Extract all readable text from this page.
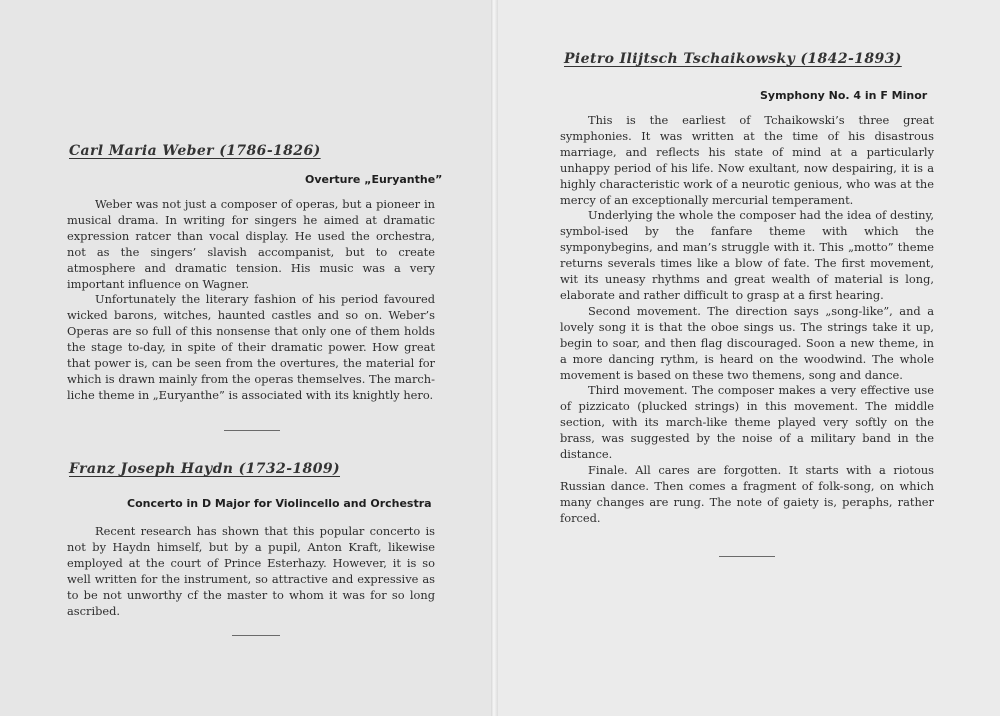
Carl Maria Weber (1786-1826)
Overture „Euryanthe”

Weber was not just a composer of operas, but a pioneer in musical drama. In writing for singers he aimed at dramatic expression ratcer than vocal display. He used the orchestra, not as the singers’ slavish accompanist, but to create atmosphere and dramatic tension. His music was a very important influence on Wagner.

Unfortunately the literary fashion of his period favoured wicked barons, witches, haunted castles and so on. Weber’s Operas are so full of this nonsense that only one of them holds the stage to-day, in spite of their dramatic power. How great that power is, can be seen from the overtures, the material for which is drawn mainly from the operas themselves. The march-liche theme in „Euryanthe” is associated with its knightly hero.

Franz Joseph Haydn (1732-1809)
Concerto in D Major for Violincello and Orchestra

Recent research has shown that this popular concerto is not by Haydn himself, but by a pupil, Anton Kraft, likewise employed at the court of Prince Esterhazy. However, it is so well written for the instrument, so attractive and expressive as to be not unworthy cf the master to whom it was for so long ascribed.

Pietro Ilijtsch Tschaikowsky (1842-1893)
Symphony No. 4 in F Minor

This is the earliest of Tchaikowski’s three great symphonies. It was written at the time of his disastrous marriage, and reflects his state of mind at a particularly unhappy period of his life. Now exultant, now despairing, it is a highly characteristic work of a neurotic genious, who was at the mercy of an exceptionally mercurial temperament.

Underlying the whole the composer had the idea of destiny, symbol-ised by the fanfare theme with which the symponybegins, and man’s struggle with it. This „motto” theme returns severals times like a blow of fate. The first movement, wit its uneasy rhythms and great wealth of material is long, elaborate and rather difficult to grasp at a first hearing.

Second movement. The direction says „song-like”, and a lovely song it is that the oboe sings us. The strings take it up, begin to soar, and then flag discouraged. Soon a new theme, in a more dancing rythm, is heard on the woodwind. The whole movement is based on these two themens, song and dance.

Third movement. The composer makes a very effective use of pizzicato (plucked strings) in this movement. The middle section, with its march-like theme played very softly on the brass, was suggested by the noise of a military band in the distance.

Finale. All cares are forgotten. It starts with a riotous Russian dance. Then comes a fragment of folk-song, on which many changes are rung. The note of gaiety is, peraphs, rather forced.
